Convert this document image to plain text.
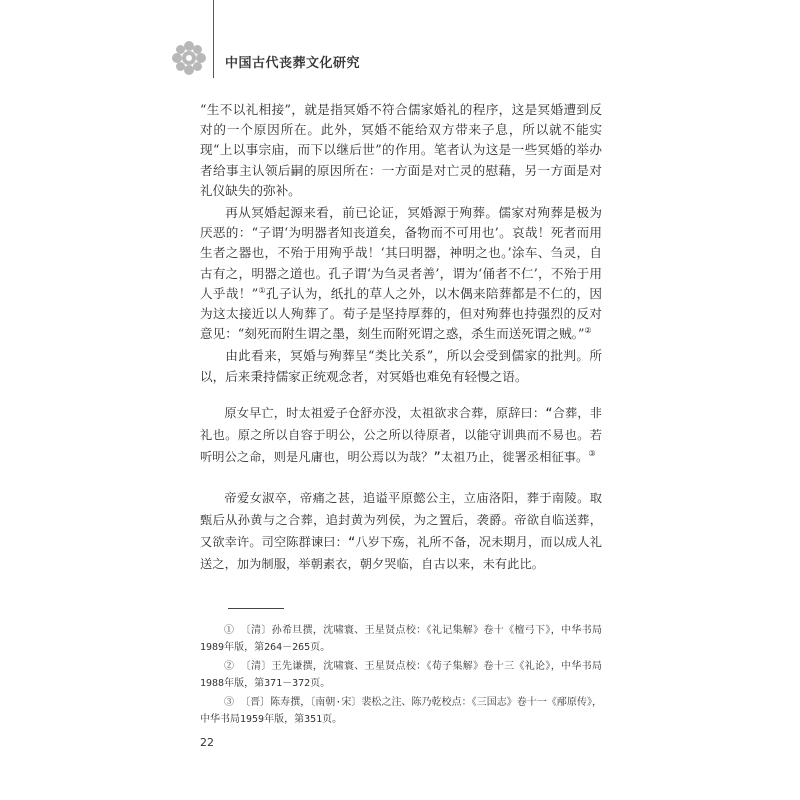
中国古代丧葬文化研究

“生不以礼相接”，就是指冥婚不符合儒家婚礼的程序，这是冥婚遭到反对的一个原因所在。此外，冥婚不能给双方带来子息，所以就不能实现“上以事宗庙，而下以继后世”的作用。笔者认为这是一些冥婚的举办者给事主认领后嗣的原因所在：一方面是对亡灵的慰藉，另一方面是对礼仪缺失的弥补。

再从冥婚起源来看，前已论证，冥婚源于殉葬。儒家对殉葬是极为厌恶的：“子谓‘为明器者知丧道矣，备物而不可用也’。哀哉！死者而用生者之器也，不殆于用殉乎哉！‘其曰明器，神明之也。’涂车、刍灵，自古有之，明器之道也。孔子谓‘为刍灵者善’，谓为‘俑者不仁’，不殆于用人乎哉！”①孔子认为，纸扎的草人之外，以木偶来陪葬都是不仁的，因为这太接近以人殉葬了。荀子是坚持厚葬的，但对殉葬也持强烈的反对意见：“刻死而附生谓之墨，刻生而附死谓之惑，杀生而送死谓之贼。”②

由此看来，冥婚与殉葬呈“类比关系”，所以会受到儒家的批判。所以，后来秉持儒家正统观念者，对冥婚也难免有轻慢之语。

原女早亡，时太祖爱子仓舒亦没，太祖欲求合葬，原辞曰：“合葬，非礼也。原之所以自容于明公，公之所以待原者，以能守训典而不易也。若听明公之命，则是凡庸也，明公焉以为哉？”太祖乃止，徙署丞相征事。③

帝爱女淑卒，帝痛之甚，追谥平原懿公主，立庙洛阳，葬于南陵。取甄后从孙黄与之合葬，追封黄为列侯，为之置后，袭爵。帝欲自临送葬，又欲幸许。司空陈群谏曰：“八岁下殇，礼所不备，况未期月，而以成人礼送之，加为制服，举朝素衣，朝夕哭临，自古以来，未有此比。

① 〔清〕孙希旦撰，沈啸寰、王星贤点校：《礼记集解》卷十《檀弓下》，中华书局1989年版，第264－265页。

② 〔清〕王先谦撰，沈啸寰、王星贤点校：《荀子集解》卷十三《礼论》，中华书局1988年版，第371－372页。

③ 〔晋〕陈寿撰，〔南朝·宋〕裴松之注、陈乃乾校点：《三国志》卷十一《邴原传》，中华书局1959年版，第351页。

22
